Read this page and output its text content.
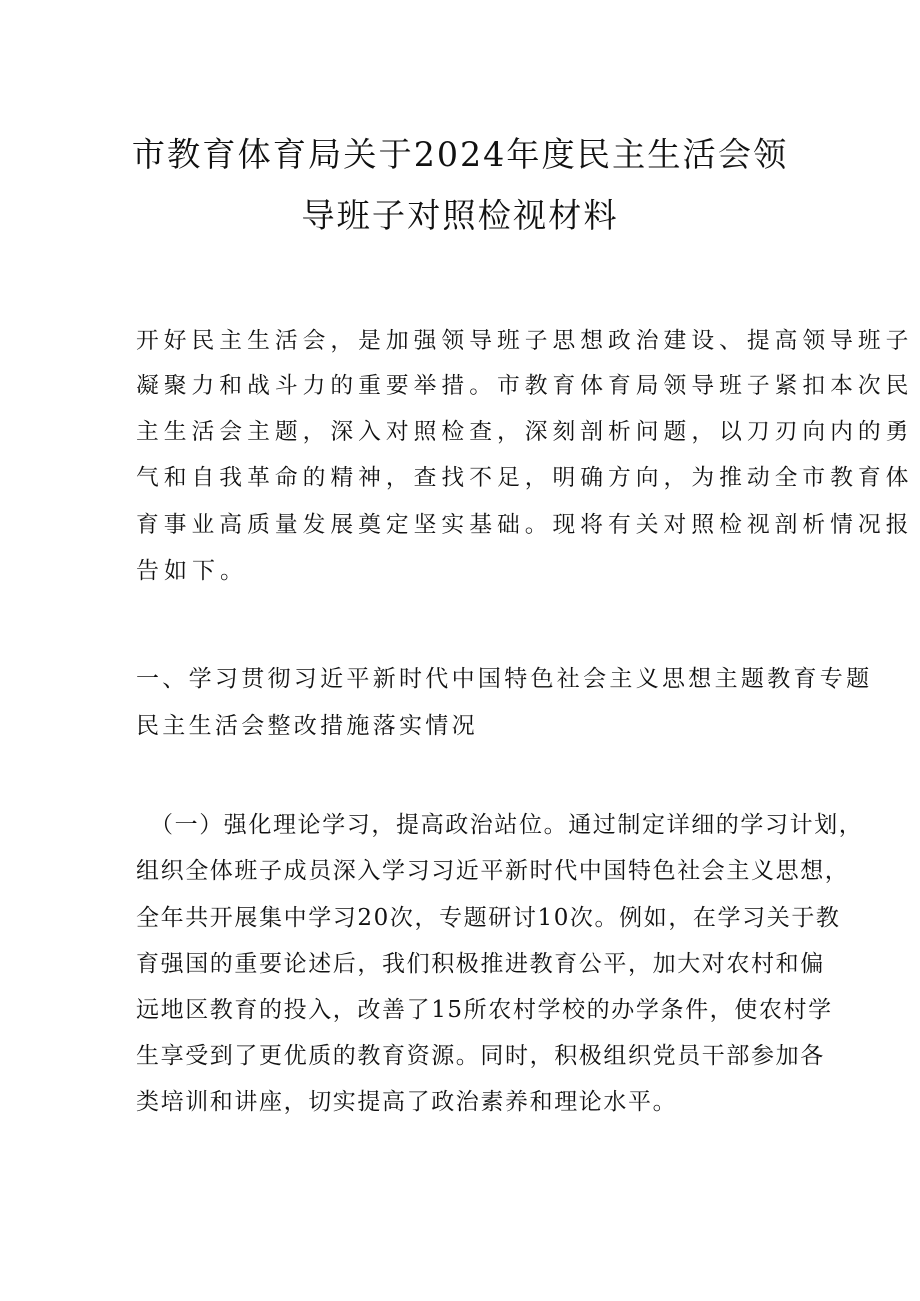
市教育体育局关于2024年度民主生活会领
导班子对照检视材料
开好民主生活会，是加强领导班子思想政治建设、提高领导班子
凝聚力和战斗力的重要举措。市教育体育局领导班子紧扣本次民
主生活会主题，深入对照检查，深刻剖析问题，以刀刃向内的勇
气和自我革命的精神，查找不足，明确方向，为推动全市教育体
育事业高质量发展奠定坚实基础。现将有关对照检视剖析情况报
告如下。
一、学习贯彻习近平新时代中国特色社会主义思想主题教育专题
民主生活会整改措施落实情况
（一）强化理论学习，提高政治站位。通过制定详细的学习计划，
组织全体班子成员深入学习习近平新时代中国特色社会主义思想，
全年共开展集中学习20次，专题研讨10次。例如，在学习关于教
育强国的重要论述后，我们积极推进教育公平，加大对农村和偏
远地区教育的投入，改善了15所农村学校的办学条件，使农村学
生享受到了更优质的教育资源。同时，积极组织党员干部参加各
类培训和讲座，切实提高了政治素养和理论水平。
